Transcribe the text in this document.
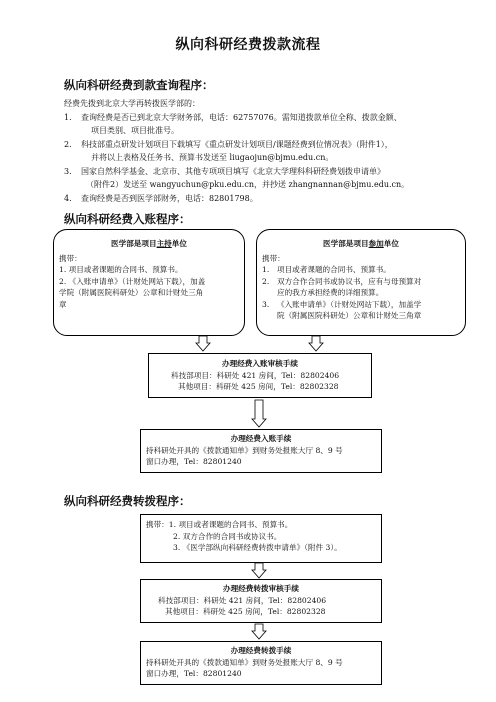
纵向科研经费拨款流程
纵向科研经费到款查询程序：
经费先拨到北京大学再转拨医学部的：
1. 查询经费是否已到北京大学财务部，电话：62757076。需知道拨款单位全称、拨款金额、
项目类别、项目批准号。
2. 科技部重点研发计划项目下载填写《重点研发计划项目/课题经费到位情况表》（附件1），
并将以上表格及任务书、预算书发送至 liugaojun@bjmu.edu.cn。
3. 国家自然科学基金、北京市、其他专项项目填写《北京大学理科科研经费划拨申请单》
（附件2）发送至 wangyuchun@pku.edu.cn，并抄送 zhangnannan@bjmu.edu.cn。
4. 查询经费是否到医学部财务，电话：82801798。
纵向科研经费入账程序：
医学部是项目主持单位
携带：
1. 项目或者课题的合同书、预算书。
2. 《入账申请单》（计财处网站下载），加盖
学院（附属医院科研处）公章和计财处三角
章
医学部是项目参加单位
携带：
1. 项目或者课题的合同书、预算书。
2. 双方合作合同书或协议书，应有与母预算对
应的我方承担经费的详细预算。
3. 《入账申请单》（计财处网站下载），加盖学
院（附属医院科研处）公章和计财处三角章
办理经费入账审核手续
科技部项目：科研处 421 房间，Tel：82802406
其他项目：科研处 425 房间，Tel：82802328
办理经费入账手续
持科研处开具的《拨款通知单》到财务处报账大厅 8、9 号
窗口办理，Tel：82801240
纵向科研经费转拨程序：
携带：1. 项目或者课题的合同书、预算书。
2. 双方合作的合同书或协议书。
3. 《医学部纵向科研经费转拨申请单》（附件 3）。
办理经费转拨审核手续
科技部项目：科研处 421 房间，Tel：82802406
其他项目：科研处 425 房间，Tel：82802328
办理经费转拨手续
持科研处开具的《拨款通知单》到财务处报账大厅 8、9 号
窗口办理，Tel：82801240
